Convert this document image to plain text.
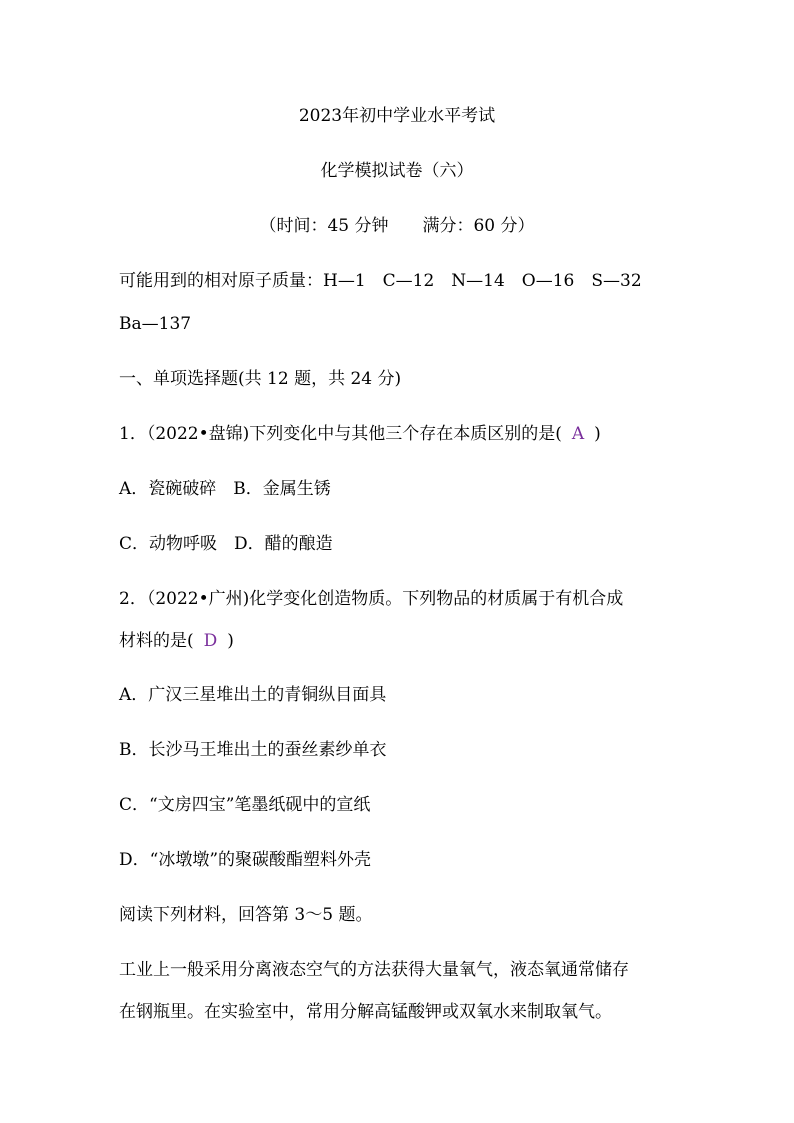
2023年初中学业水平考试
化学模拟试卷（六）
（时间：45 分钟　　满分：60 分）
可能用到的相对原子质量：H—1　C—12　N—14　O—16　S—32
Ba—137
一、单项选择题(共 12 题，共 24 分)
1．（2022•盘锦)下列变化中与其他三个存在本质区别的是( A )
A．瓷碗破碎　B．金属生锈
C．动物呼吸　D．醋的酿造
2．（2022•广州)化学变化创造物质。下列物品的材质属于有机合成
材料的是( D )
A．广汉三星堆出土的青铜纵目面具
B．长沙马王堆出土的蚕丝素纱单衣
C．“文房四宝”笔墨纸砚中的宣纸
D．“冰墩墩”的聚碳酸酯塑料外壳
阅读下列材料，回答第 3～5 题。
工业上一般采用分离液态空气的方法获得大量氧气，液态氧通常储存
在钢瓶里。在实验室中，常用分解高锰酸钾或双氧水来制取氧气。
